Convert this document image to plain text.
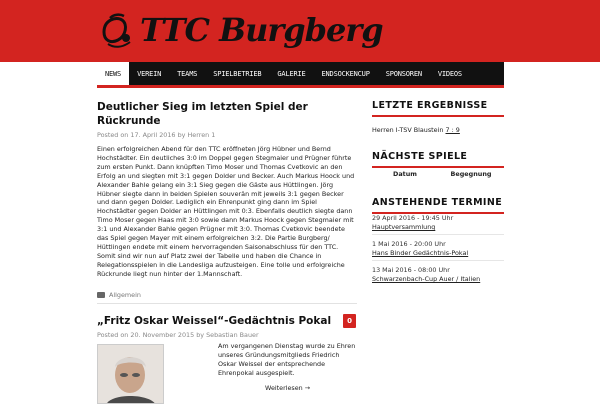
TTC Burgberg
NEWS	VEREIN	TEAMS	SPIELBETRIEB	GALERIE	ENDSOCKENCUP	SPONSOREN	VIDEOS
Deutlicher Sieg im letzten Spiel der Rückrunde
Posted on 17. April 2016 by Herren 1
Einen erfolgreichen Abend für den TTC eröffneten Jörg Hübner und Bernd Hochstädter. Ein deutliches 3:0 im Doppel gegen Stegmaier und Prügner führte zum ersten Punkt. Dann knüpften Timo Moser und Thomas Cvetkovic an den Erfolg an und siegten mit 3:1 gegen Dolder und Becker. Auch Markus Hoock und Alexander Bahle gelang ein 3:1 Sieg gegen die Gäste aus Hüttlingen. Jörg Hübner siegte dann in beiden Spielen souverän mit jeweils 3:1 gegen Becker und dann gegen Dolder. Lediglich ein Ehrenpunkt ging dann im Spiel Hochstädter gegen Dolder an Hüttlingen mit 0:3. Ebenfalls deutlich siegte dann Timo Moser gegen Haas mit 3:0 sowie dann Markus Hoock gegen Stegmaier mit 3:1 und Alexander Bahle gegen Prügner mit 3:0. Thomas Cvetkovic beendete das Spiel gegen Mayer mit einem erfolgreichen 3:2. Die Partie Burgberg/ Hüttlingen endete mit einem hervorragenden Saisonabschluss für den TTC. Somit sind wir nun auf Platz zwei der Tabelle und haben die Chance in Relegationsspielen in die Landesliga aufzusteigen. Eine tolle und erfolgreiche Rückrunde liegt nun hinter der 1.Mannschaft.
Allgemein
„Fritz Oskar Weissel“-Gedächtnis Pokal
Posted on 20. November 2015 by Sebastian Bauer
0
Am vergangenen Dienstag wurde zu Ehren unseres Gründungsmitglieds Friedrich Oskar Weissel der entsprechende Ehrenpokal ausgespielt.
Weiterlesen →
LETZTE ERGEBNISSE
Herren I-TSV Blaustein 7 : 9
NÄCHSTE SPIELE
Datum	Begegnung
ANSTEHENDE TERMINE
29 April 2016 - 19:45 Uhr
Hauptversammlung
1 Mai 2016 - 20:00 Uhr
Hans Binder Gedächtnis-Pokal
13 Mai 2016 - 08:00 Uhr
Schwarzenbach-Cup Auer / Italien
